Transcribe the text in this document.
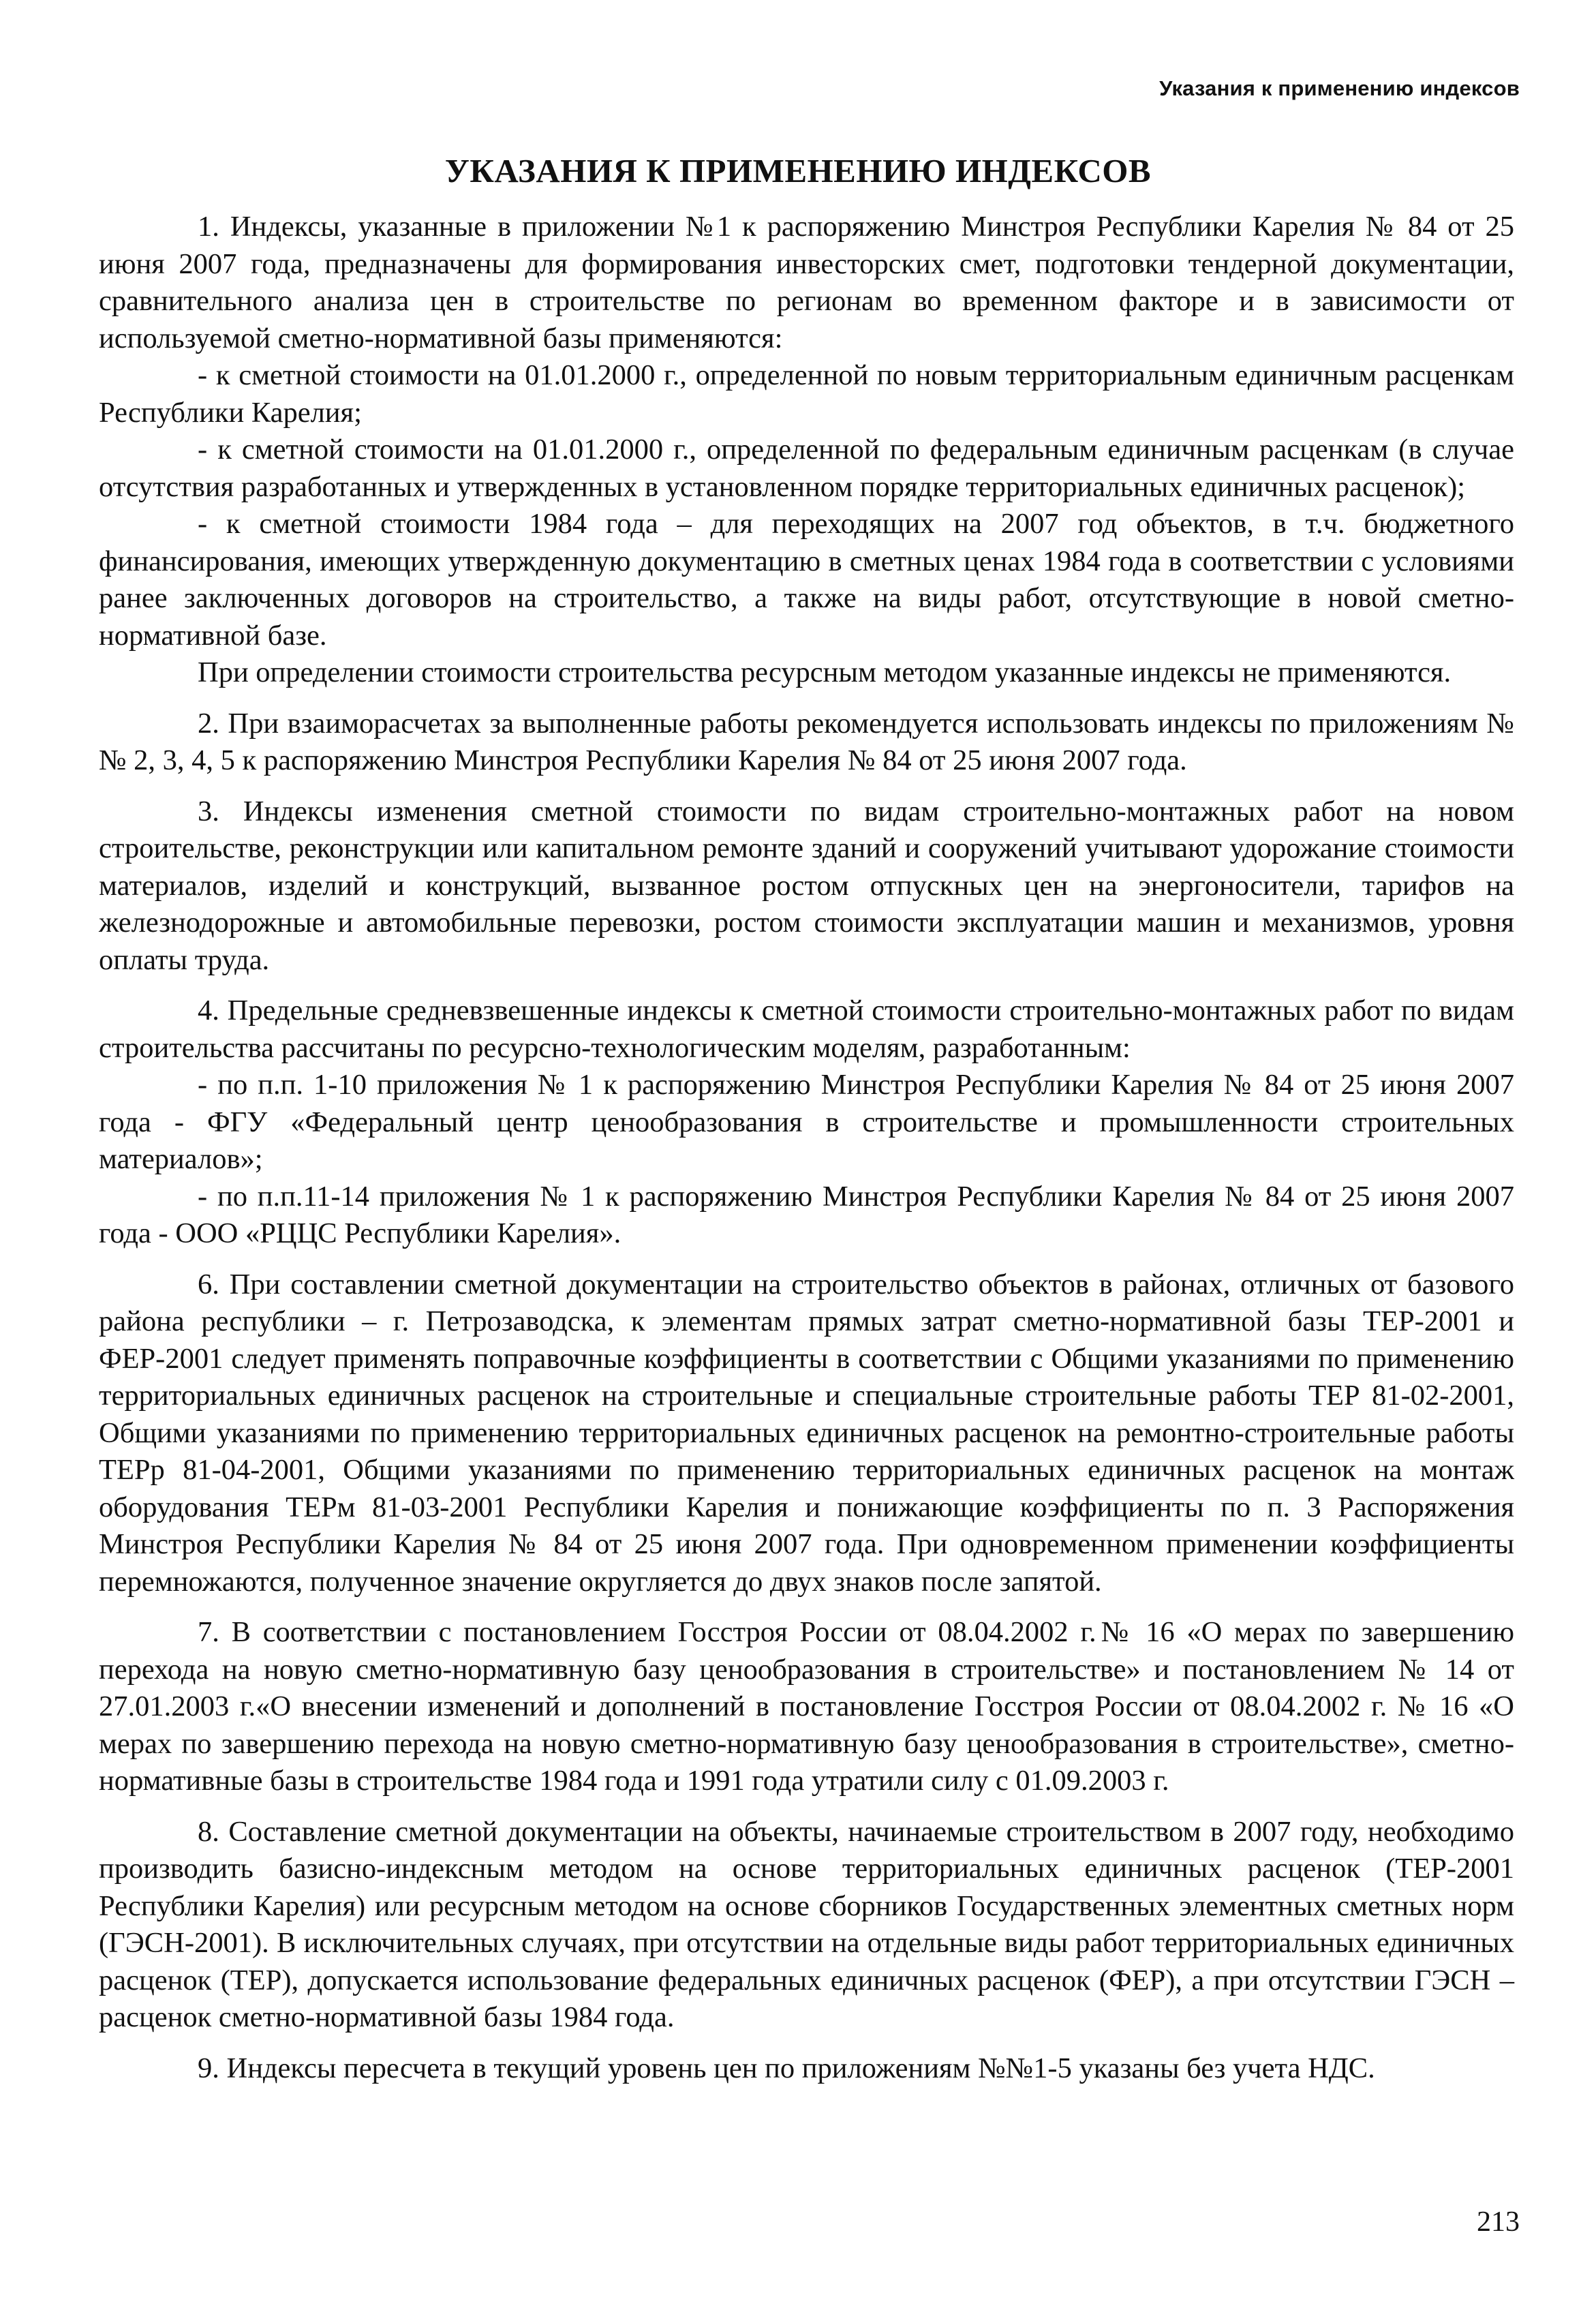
Указания к применению индексов
УКАЗАНИЯ К ПРИМЕНЕНИЮ ИНДЕКСОВ

1. Индексы, указанные в приложении №1 к распоряжению Минстроя Республики Карелия № 84 от 25 июня 2007 года, предназначены для формирования инвесторских смет, подготовки тендерной документации, сравнительного анализа цен в строительстве по регионам во временном факторе и в зависимости от используемой сметно-нормативной базы применяются:

- к сметной стоимости на 01.01.2000 г., определенной по новым территориальным единичным расценкам Республики Карелия;

- к сметной стоимости на 01.01.2000 г., определенной по федеральным единичным расценкам (в случае отсутствия разработанных и утвержденных в установленном порядке территориальных единичных расценок);

- к сметной стоимости 1984 года – для переходящих на 2007 год объектов, в т.ч. бюджетного финансирования, имеющих утвержденную документацию в сметных ценах 1984 года в соответствии с условиями ранее заключенных договоров на строительство, а также на виды работ, отсутствующие в новой сметно-нормативной базе.

При определении стоимости строительства ресурсным методом указанные индексы не применяются.

2. При взаиморасчетах за выполненные работы рекомендуется использовать индексы по приложениям №№ 2, 3, 4, 5 к распоряжению Минстроя Республики Карелия № 84 от 25 июня 2007 года.

3. Индексы изменения сметной стоимости по видам строительно-монтажных работ на новом строительстве, реконструкции или капитальном ремонте зданий и сооружений учитывают удорожание стоимости материалов, изделий и конструкций, вызванное ростом отпускных цен на энергоносители, тарифов на железнодорожные и автомобильные перевозки, ростом стоимости эксплуатации машин и механизмов, уровня оплаты труда.

4. Предельные средневзвешенные индексы к сметной стоимости строительно-монтажных работ по видам строительства рассчитаны по ресурсно-технологическим моделям, разработанным:

- по п.п. 1-10 приложения № 1 к распоряжению Минстроя Республики Карелия № 84 от 25 июня 2007 года - ФГУ «Федеральный центр ценообразования в строительстве и промышленности строительных материалов»;

- по п.п.11-14 приложения № 1 к распоряжению Минстроя Республики Карелия № 84 от 25 июня 2007 года - ООО «РЦЦС Республики Карелия».

6. При составлении сметной документации на строительство объектов в районах, отличных от базового района республики – г. Петрозаводска, к элементам прямых затрат сметно-нормативной базы ТЕР-2001 и ФЕР-2001 следует применять поправочные коэффициенты в соответствии с Общими указаниями по применению территориальных единичных расценок на строительные и специальные строительные работы ТЕР 81-02-2001, Общими указаниями по применению территориальных единичных расценок на ремонтно-строительные работы ТЕРр 81-04-2001, Общими указаниями по применению территориальных единичных расценок на монтаж оборудования ТЕРм 81-03-2001 Республики Карелия и понижающие коэффициенты по п. 3 Распоряжения Минстроя Республики Карелия № 84 от 25 июня 2007 года. При одновременном применении коэффициенты перемножаются, полученное значение округляется до двух знаков после запятой.

7. В соответствии с постановлением Госстроя России от 08.04.2002 г.№ 16 «О мерах по завершению перехода на новую сметно-нормативную базу ценообразования в строительстве» и постановлением № 14 от 27.01.2003 г.«О внесении изменений и дополнений в постановление Госстроя России от 08.04.2002 г. № 16 «О мерах по завершению перехода на новую сметно-нормативную базу ценообразования в строительстве», сметно-нормативные базы в строительстве 1984 года и 1991 года утратили силу с 01.09.2003 г.

8. Составление сметной документации на объекты, начинаемые строительством в 2007 году, необходимо производить базисно-индексным методом на основе территориальных единичных расценок (ТЕР-2001 Республики Карелия) или ресурсным методом на основе сборников Государственных элементных сметных норм (ГЭСН-2001). В исключительных случаях, при отсутствии на отдельные виды работ территориальных единичных расценок (ТЕР), допускается использование федеральных единичных расценок (ФЕР), а при отсутствии ГЭСН – расценок сметно-нормативной базы 1984 года.

9. Индексы пересчета в текущий уровень цен по приложениям №№1-5 указаны без учета НДС.

213
